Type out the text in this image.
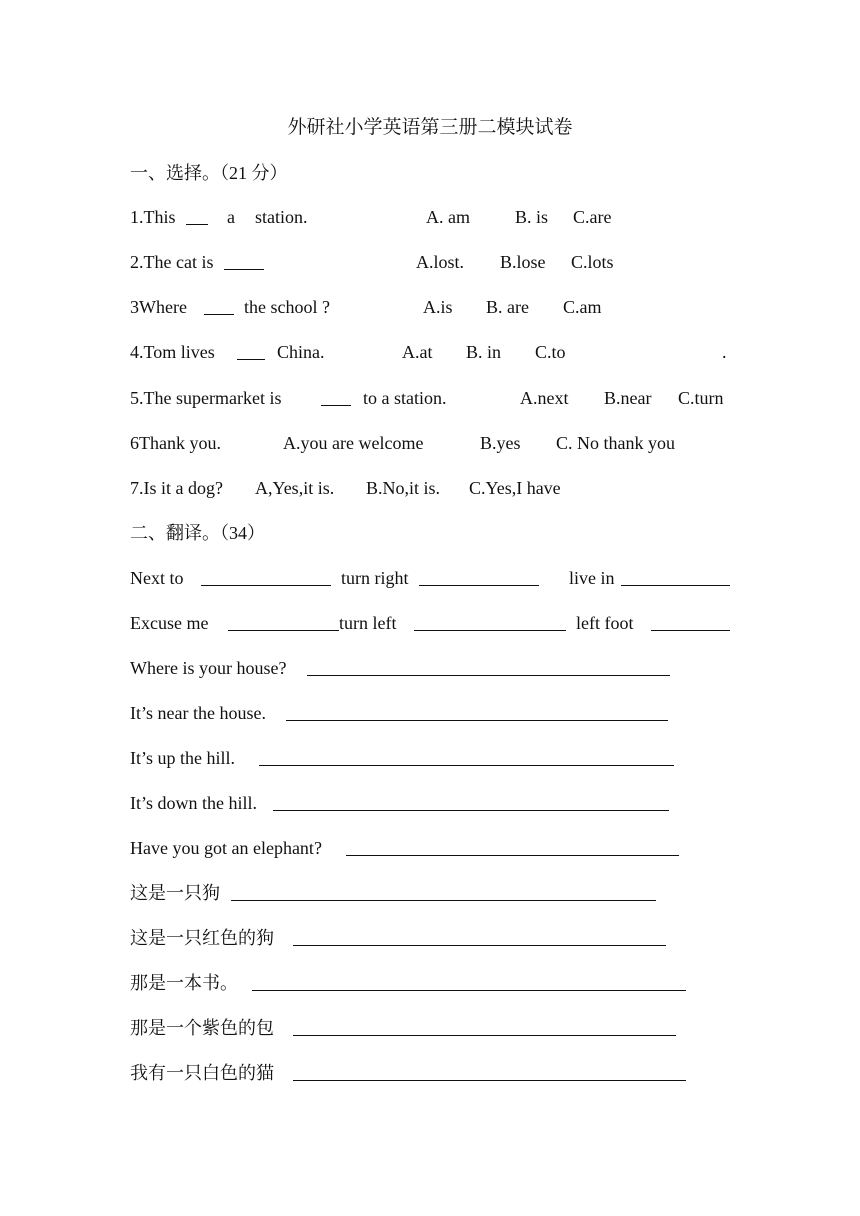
外研社小学英语第三册二模块试卷
一、选择。（21 分）
1.This	a station.	A. am	B. is C.are
2.The cat is	A.lost. B.lose C.lots
3Where	the school ?	A.is B. are C.am
4.Tom lives	China.	A.at B. in C.to	.
5.The supermarket is	to a station.	A.next B.near C.turn
6Thank you.	A.you are welcome	B.yes C. No thank you
7.Is it a dog? A,Yes,it is. B.No,it is. C.Yes,I have
二、翻译。（34）
Next to	turn right	live in
Excuse me	turn left	left foot
Where is your house?
It’s near the house.
It’s up the hill.
It’s down the hill.
Have you got an elephant?
这是一只狗
这是一只红色的狗
那是一本书。
那是一个紫色的包
我有一只白色的猫
